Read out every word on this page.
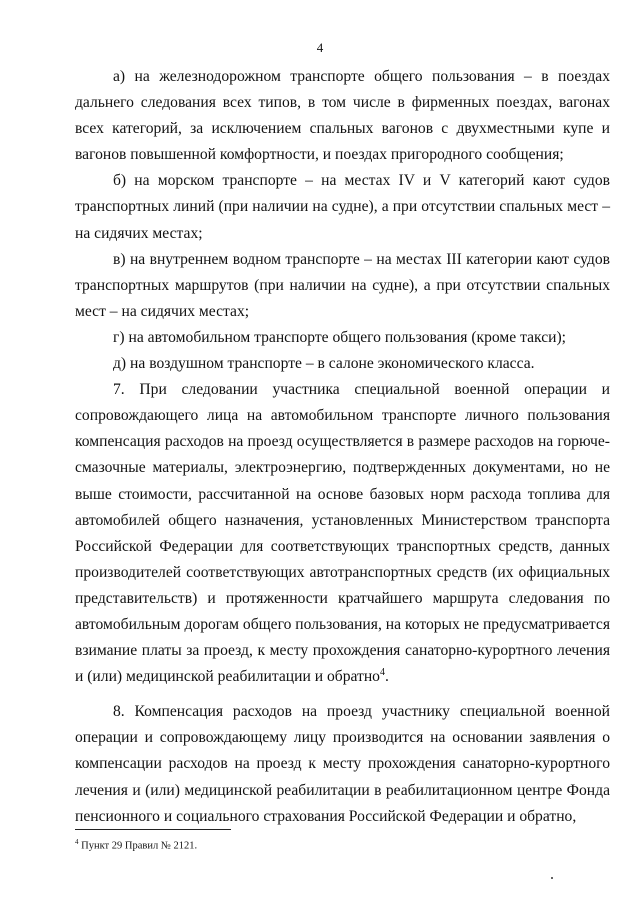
4

а) на железнодорожном транспорте общего пользования – в поездах дальнего следования всех типов, в том числе в фирменных поездах, вагонах всех категорий, за исключением спальных вагонов с двухместными купе и вагонов повышенной комфортности, и поездах пригородного сообщения;

б) на морском транспорте – на местах IV и V категорий кают судов транспортных линий (при наличии на судне), а при отсутствии спальных мест – на сидячих местах;

в) на внутреннем водном транспорте – на местах III категории кают судов транспортных маршрутов (при наличии на судне), а при отсутствии спальных мест – на сидячих местах;

г) на автомобильном транспорте общего пользования (кроме такси);

д) на воздушном транспорте – в салоне экономического класса.

7. При следовании участника специальной военной операции и сопровождающего лица на автомобильном транспорте личного пользования компенсация расходов на проезд осуществляется в размере расходов на горюче-смазочные материалы, электроэнергию, подтвержденных документами, но не выше стоимости, рассчитанной на основе базовых норм расхода топлива для автомобилей общего назначения, установленных Министерством транспорта Российской Федерации для соответствующих транспортных средств, данных производителей соответствующих автотранспортных средств (их официальных представительств) и протяженности кратчайшего маршрута следования по автомобильным дорогам общего пользования, на которых не предусматривается взимание платы за проезд, к месту прохождения санаторно-курортного лечения и (или) медицинской реабилитации и обратно$^4$.

8. Компенсация расходов на проезд участнику специальной военной операции и сопровождающему лицу производится на основании заявления о компенсации расходов на проезд к месту прохождения санаторно-курортного лечения и (или) медицинской реабилитации в реабилитационном центре Фонда пенсионного и социального страхования Российской Федерации и обратно,

$^4$ Пункт 29 Правил № 2121.
